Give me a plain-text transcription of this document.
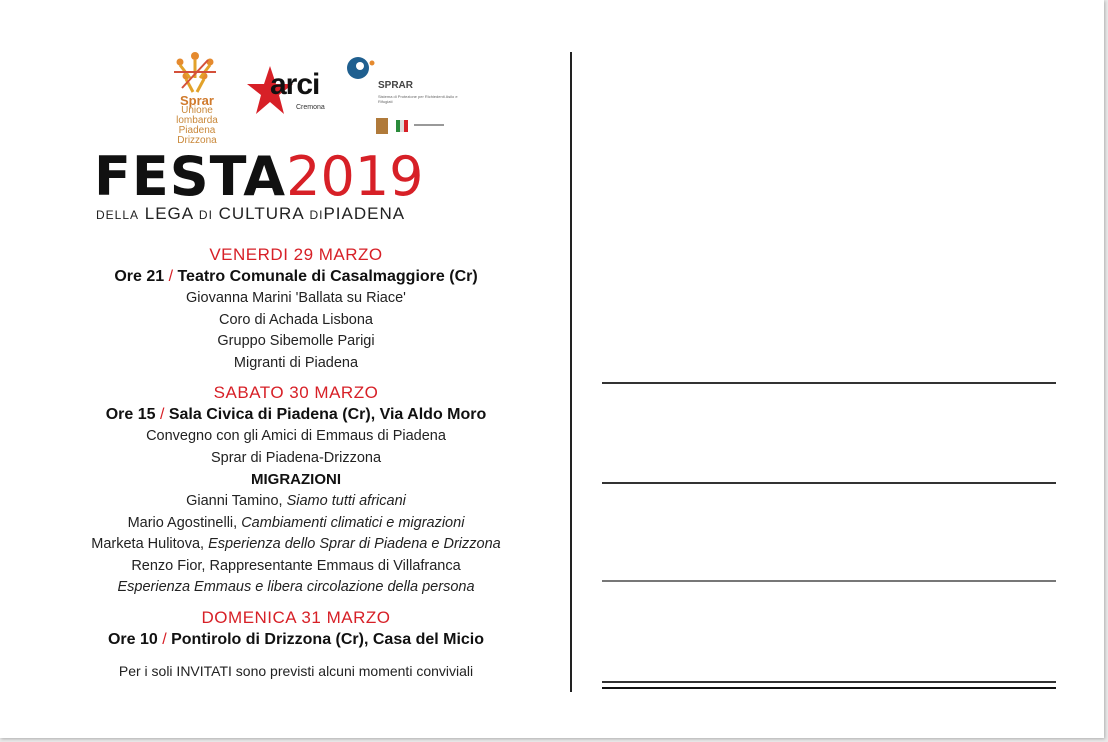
Sprar
Unione lombarda Piadena Drizzona
arci
Cremona
SPRAR
Sistema di Protezione per Richiedenti Asilo e Rifugiati
FESTA2019
DELLA LEGA DI CULTURA DIPIADENA
VENERDI 29 MARZO
Ore 21 / Teatro Comunale di Casalmaggiore (Cr)
Giovanna Marini 'Ballata su Riace'
Coro di Achada Lisbona
Gruppo Sibemolle Parigi
Migranti di Piadena
SABATO 30 MARZO
Ore 15 / Sala Civica di Piadena (Cr), Via Aldo Moro
Convegno con gli Amici di Emmaus di Piadena
Sprar di Piadena-Drizzona
MIGRAZIONI
Gianni Tamino, Siamo tutti africani
Mario Agostinelli, Cambiamenti climatici e migrazioni
Marketa Hulitova, Esperienza dello Sprar di Piadena e Drizzona
Renzo Fior, Rappresentante Emmaus di Villafranca
Esperienza Emmaus e libera circolazione della persona
DOMENICA 31 MARZO
Ore 10 / Pontirolo di Drizzona (Cr), Casa del Micio
Per i soli INVITATI sono previsti alcuni momenti conviviali
